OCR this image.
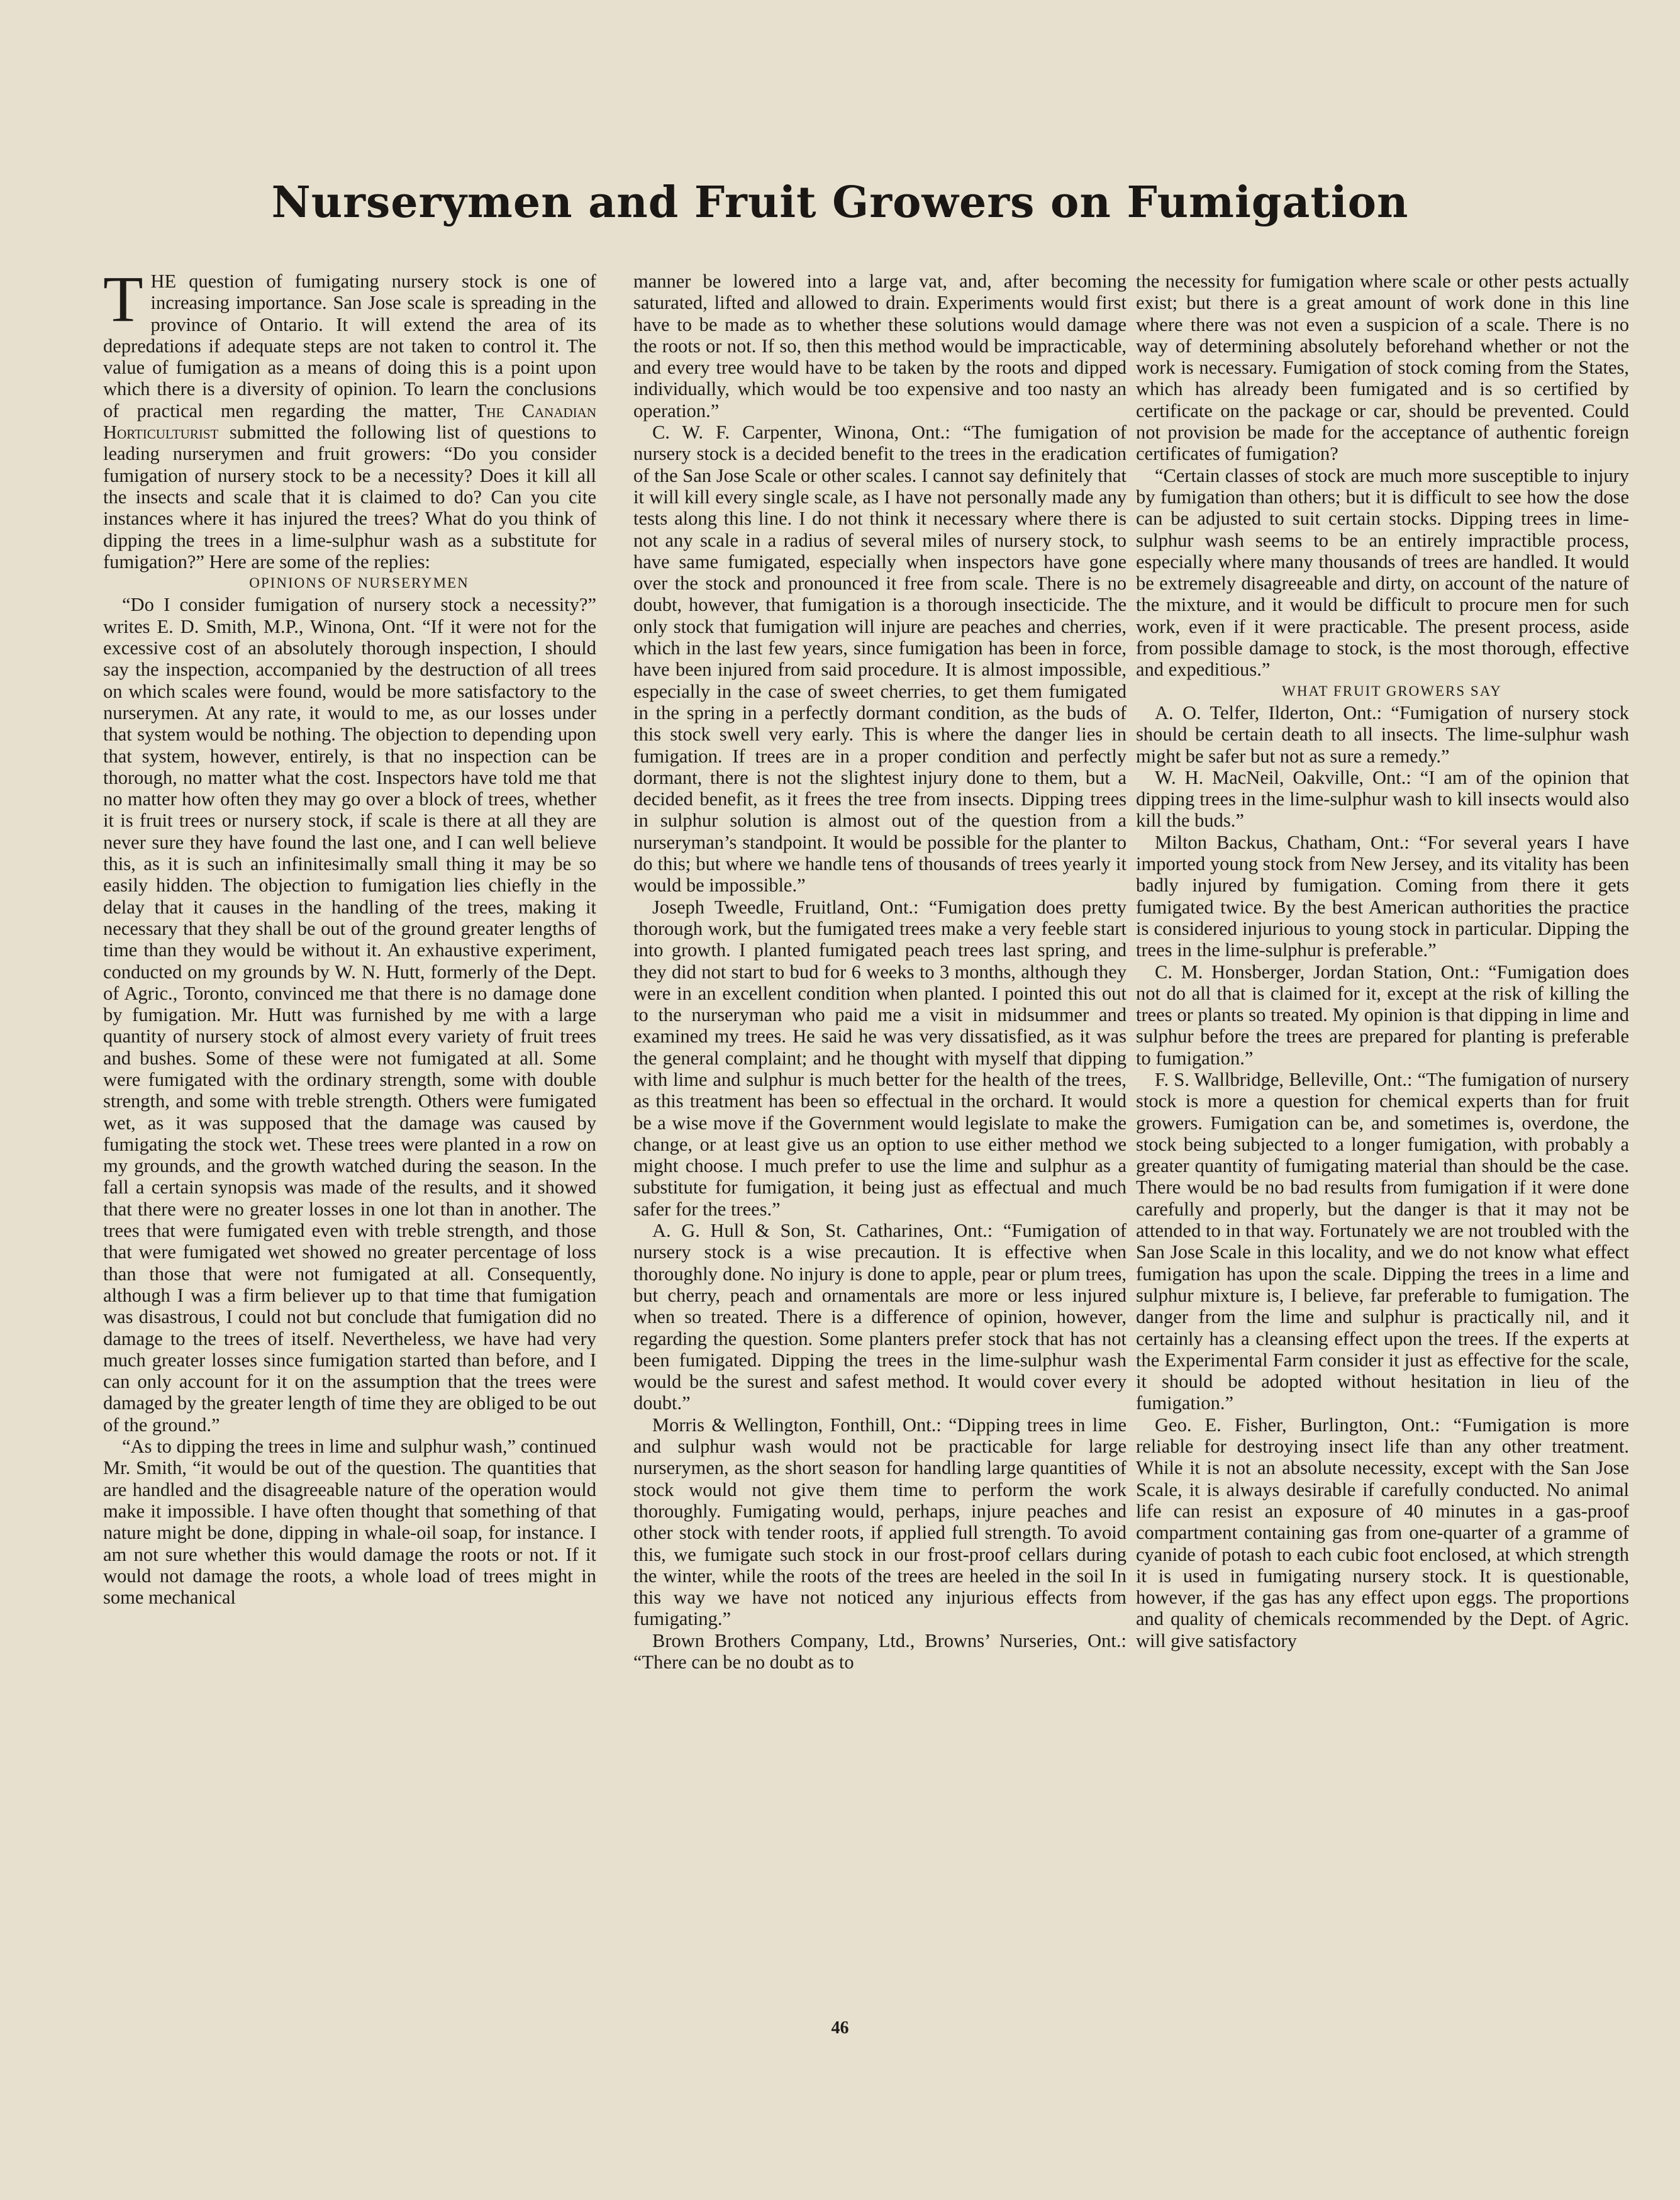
Nurserymen and Fruit Growers on Fumigation

THE question of fumigating nursery stock is one of increasing importance. San Jose scale is spreading in the province of Ontario. It will extend the area of its depredations if adequate steps are not taken to control it. The value of fumigation as a means of doing this is a point upon which there is a diversity of opinion. To learn the conclusions of practical men regarding the matter, The Canadian Horticulturist submitted the following list of questions to leading nurserymen and fruit growers: “Do you consider fumigation of nursery stock to be a necessity? Does it kill all the insects and scale that it is claimed to do? Can you cite instances where it has injured the trees? What do you think of dipping the trees in a lime-sulphur wash as a substitute for fumigation?” Here are some of the replies:

OPINIONS OF NURSERYMEN

“Do I consider fumigation of nursery stock a necessity?” writes E. D. Smith, M.P., Winona, Ont. “If it were not for the excessive cost of an absolutely thorough inspection, I should say the inspection, accompanied by the destruction of all trees on which scales were found, would be more satisfactory to the nurserymen. At any rate, it would to me, as our losses under that system would be nothing. The objection to depending upon that system, however, entirely, is that no inspection can be thorough, no matter what the cost. Inspectors have told me that no matter how often they may go over a block of trees, whether it is fruit trees or nursery stock, if scale is there at all they are never sure they have found the last one, and I can well believe this, as it is such an infinitesimally small thing it may be so easily hidden. The objection to fumigation lies chiefly in the delay that it causes in the handling of the trees, making it necessary that they shall be out of the ground greater lengths of time than they would be without it. An exhaustive experiment, conducted on my grounds by W. N. Hutt, formerly of the Dept. of Agric., Toronto, convinced me that there is no damage done by fumigation. Mr. Hutt was furnished by me with a large quantity of nursery stock of almost every variety of fruit trees and bushes. Some of these were not fumigated at all. Some were fumigated with the ordinary strength, some with double strength, and some with treble strength. Others were fumigated wet, as it was supposed that the damage was caused by fumigating the stock wet. These trees were planted in a row on my grounds, and the growth watched during the season. In the fall a certain synopsis was made of the results, and it showed that there were no greater losses in one lot than in another. The trees that were fumigated even with treble strength, and those that were fumigated wet showed no greater percentage of loss than those that were not fumigated at all. Consequently, although I was a firm believer up to that time that fumigation was disastrous, I could not but conclude that fumigation did no damage to the trees of itself. Nevertheless, we have had very much greater losses since fumigation started than before, and I can only account for it on the assumption that the trees were damaged by the greater length of time they are obliged to be out of the ground.”

“As to dipping the trees in lime and sulphur wash,” continued Mr. Smith, “it would be out of the question. The quantities that are handled and the disagreeable nature of the operation would make it impossible. I have often thought that something of that nature might be done, dipping in whale-oil soap, for instance. I am not sure whether this would damage the roots or not. If it would not damage the roots, a whole load of trees might in some mechanical

manner be lowered into a large vat, and, after becoming saturated, lifted and allowed to drain. Experiments would first have to be made as to whether these solutions would damage the roots or not. If so, then this method would be impracticable, and every tree would have to be taken by the roots and dipped individually, which would be too expensive and too nasty an operation.”

C. W. F. Carpenter, Winona, Ont.: “The fumigation of nursery stock is a decided benefit to the trees in the eradication of the San Jose Scale or other scales. I cannot say definitely that it will kill every single scale, as I have not personally made any tests along this line. I do not think it necessary where there is not any scale in a radius of several miles of nursery stock, to have same fumigated, especially when inspectors have gone over the stock and pronounced it free from scale. There is no doubt, however, that fumigation is a thorough insecticide. The only stock that fumigation will injure are peaches and cherries, which in the last few years, since fumigation has been in force, have been injured from said procedure. It is almost impossible, especially in the case of sweet cherries, to get them fumigated in the spring in a perfectly dormant condition, as the buds of this stock swell very early. This is where the danger lies in fumigation. If trees are in a proper condition and perfectly dormant, there is not the slightest injury done to them, but a decided benefit, as it frees the tree from insects. Dipping trees in sulphur solution is almost out of the question from a nurseryman’s standpoint. It would be possible for the planter to do this; but where we handle tens of thousands of trees yearly it would be impossible.”

Joseph Tweedle, Fruitland, Ont.: “Fumigation does pretty thorough work, but the fumigated trees make a very feeble start into growth. I planted fumigated peach trees last spring, and they did not start to bud for 6 weeks to 3 months, although they were in an excellent condition when planted. I pointed this out to the nurseryman who paid me a visit in midsummer and examined my trees. He said he was very dissatisfied, as it was the general complaint; and he thought with myself that dipping with lime and sulphur is much better for the health of the trees, as this treatment has been so effectual in the orchard. It would be a wise move if the Government would legislate to make the change, or at least give us an option to use either method we might choose. I much prefer to use the lime and sulphur as a substitute for fumigation, it being just as effectual and much safer for the trees.”

A. G. Hull & Son, St. Catharines, Ont.: “Fumigation of nursery stock is a wise precaution. It is effective when thoroughly done. No injury is done to apple, pear or plum trees, but cherry, peach and ornamentals are more or less injured when so treated. There is a difference of opinion, however, regarding the question. Some planters prefer stock that has not been fumigated. Dipping the trees in the lime-sulphur wash would be the surest and safest method. It would cover every doubt.”

Morris & Wellington, Fonthill, Ont.: “Dipping trees in lime and sulphur wash would not be practicable for large nurserymen, as the short season for handling large quantities of stock would not give them time to perform the work thoroughly. Fumigating would, perhaps, injure peaches and other stock with tender roots, if applied full strength. To avoid this, we fumigate such stock in our frost-proof cellars during the winter, while the roots of the trees are heeled in the soil In this way we have not noticed any injurious effects from fumigating.”

Brown Brothers Company, Ltd., Browns’ Nurseries, Ont.: “There can be no doubt as to

the necessity for fumigation where scale or other pests actually exist; but there is a great amount of work done in this line where there was not even a suspicion of a scale. There is no way of determining absolutely beforehand whether or not the work is necessary. Fumigation of stock coming from the States, which has already been fumigated and is so certified by certificate on the package or car, should be prevented. Could not provision be made for the acceptance of authentic foreign certificates of fumigation?

“Certain classes of stock are much more susceptible to injury by fumigation than others; but it is difficult to see how the dose can be adjusted to suit certain stocks. Dipping trees in lime-sulphur wash seems to be an entirely impractible process, especially where many thousands of trees are handled. It would be extremely disagreeable and dirty, on account of the nature of the mixture, and it would be difficult to procure men for such work, even if it were practicable. The present process, aside from possible damage to stock, is the most thorough, effective and expeditious.”

WHAT FRUIT GROWERS SAY

A. O. Telfer, Ilderton, Ont.: “Fumigation of nursery stock should be certain death to all insects. The lime-sulphur wash might be safer but not as sure a remedy.”

W. H. MacNeil, Oakville, Ont.: “I am of the opinion that dipping trees in the lime-sulphur wash to kill insects would also kill the buds.”

Milton Backus, Chatham, Ont.: “For several years I have imported young stock from New Jersey, and its vitality has been badly injured by fumigation. Coming from there it gets fumigated twice. By the best American authorities the practice is considered injurious to young stock in particular. Dipping the trees in the lime-sulphur is preferable.”

C. M. Honsberger, Jordan Station, Ont.: “Fumigation does not do all that is claimed for it, except at the risk of killing the trees or plants so treated. My opinion is that dipping in lime and sulphur before the trees are prepared for planting is preferable to fumigation.”

F. S. Wallbridge, Belleville, Ont.: “The fumigation of nursery stock is more a question for chemical experts than for fruit growers. Fumigation can be, and sometimes is, overdone, the stock being subjected to a longer fumigation, with probably a greater quantity of fumigating material than should be the case. There would be no bad results from fumigation if it were done carefully and properly, but the danger is that it may not be attended to in that way. Fortunately we are not troubled with the San Jose Scale in this locality, and we do not know what effect fumigation has upon the scale. Dipping the trees in a lime and sulphur mixture is, I believe, far preferable to fumigation. The danger from the lime and sulphur is practically nil, and it certainly has a cleansing effect upon the trees. If the experts at the Experimental Farm consider it just as effective for the scale, it should be adopted without hesitation in lieu of the fumigation.”

Geo. E. Fisher, Burlington, Ont.: “Fumigation is more reliable for destroying insect life than any other treatment. While it is not an absolute necessity, except with the San Jose Scale, it is always desirable if carefully conducted. No animal life can resist an exposure of 40 minutes in a gas-proof compartment containing gas from one-quarter of a gramme of cyanide of potash to each cubic foot enclosed, at which strength it is used in fumigating nursery stock. It is questionable, however, if the gas has any effect upon eggs. The proportions and quality of chemicals recommended by the Dept. of Agric. will give satisfactory

46
